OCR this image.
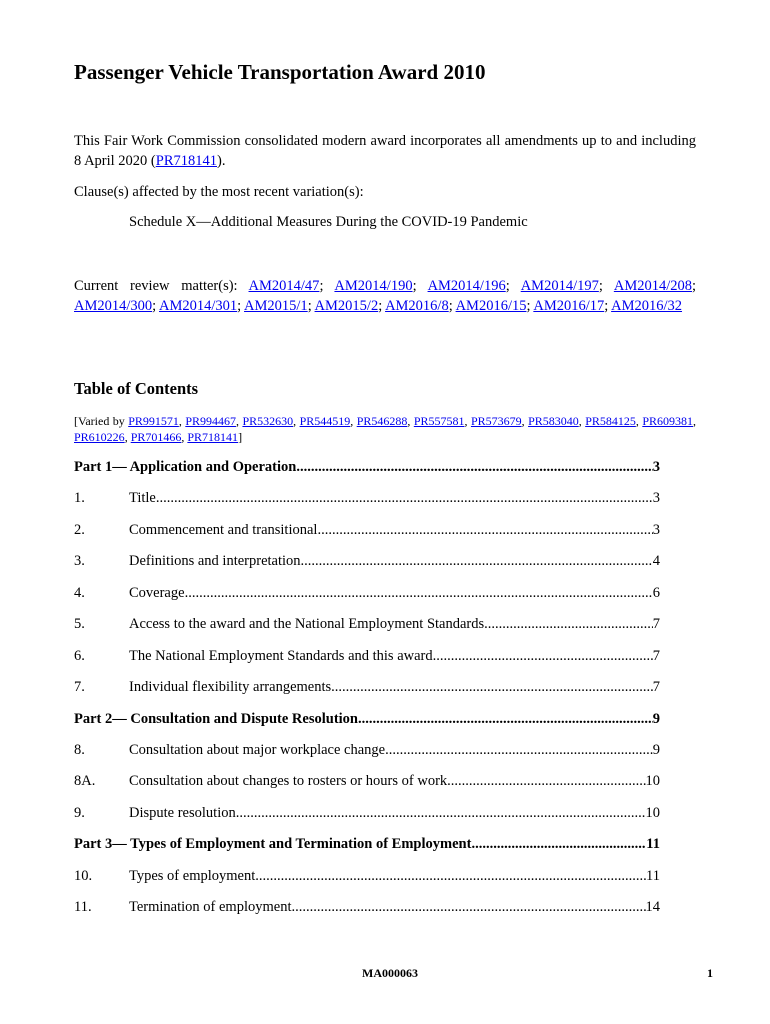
Passenger Vehicle Transportation Award 2010

This Fair Work Commission consolidated modern award incorporates all amendments up to and including 8 April 2020 (PR718141).

Clause(s) affected by the most recent variation(s):

Schedule X—Additional Measures During the COVID-19 Pandemic

Current review matter(s): AM2014/47; AM2014/190; AM2014/196; AM2014/197; AM2014/208; AM2014/300; AM2014/301; AM2015/1; AM2015/2; AM2016/8; AM2016/15; AM2016/17; AM2016/32

Table of Contents

[Varied by PR991571, PR994467, PR532630, PR544519, PR546288, PR557581, PR573679, PR583040, PR584125, PR609381, PR610226, PR701466, PR718141]

Part 1— Application and Operation .....	3
1.	Title .....	3
2.	Commencement and transitional .....	3
3.	Definitions and interpretation .....	4
4.	Coverage .....	6
5.	Access to the award and the National Employment Standards .....	7
6.	The National Employment Standards and this award .....	7
7.	Individual flexibility arrangements .....	7
Part 2— Consultation and Dispute Resolution .....	9
8.	Consultation about major workplace change .....	9
8A.	Consultation about changes to rosters or hours of work .....	10
9.	Dispute resolution .....	10
Part 3— Types of Employment and Termination of Employment .....	11
10.	Types of employment .....	11
11.	Termination of employment .....	14

MA000063	1
